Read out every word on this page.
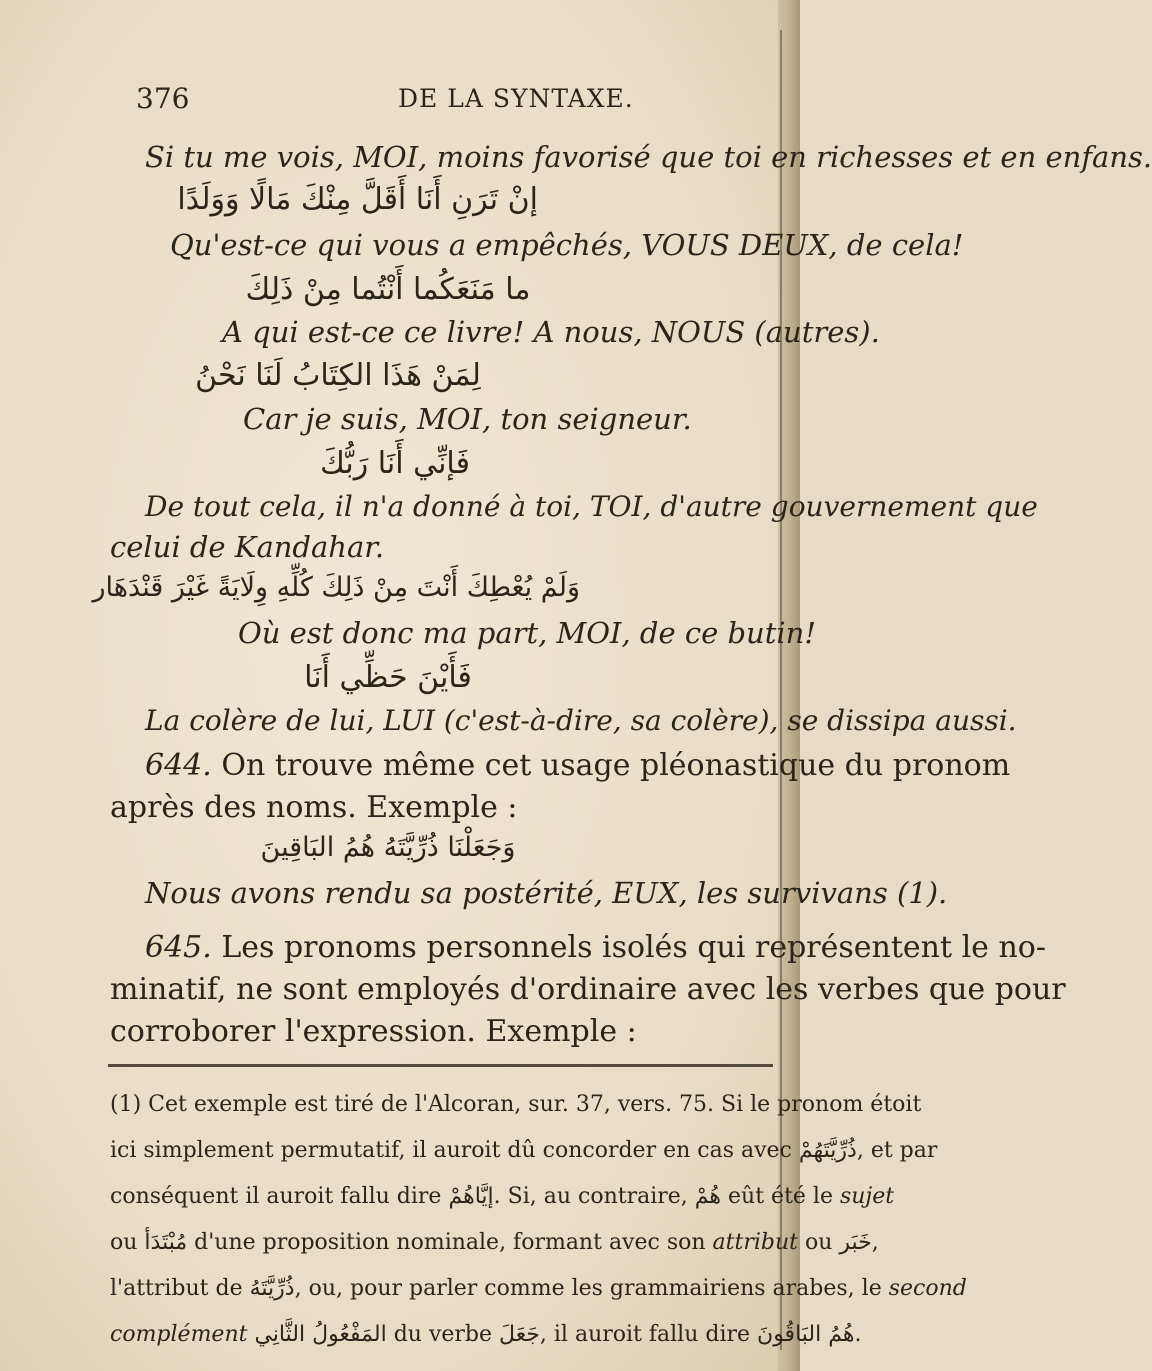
376	DE LA SYNTAXE.
Si tu me vois, MOI, moins favorisé que toi en richesses et en enfans.
إنْ تَرَنِ أَنَا أَقَلَّ مِنْكَ مَالًا وَوَلَدًا
Qu'est-ce qui vous a empêchés, VOUS DEUX, de cela!
ما مَنَعَكُما أَنْتُما مِنْ ذَلِكَ
A qui est-ce ce livre! A nous, NOUS (autres).
لِمَنْ هَذَا الكِتَابُ لَنَا نَحْنُ
Car je suis, MOI, ton seigneur.
فَإنِّي أَنَا رَبُّكَ
De tout cela, il n'a donné à toi, TOI, d'autre gouvernement que
celui de Kandahar.
وَلَمْ يُعْطِكَ أَنْتَ مِنْ ذَلِكَ كُلِّهِ وِلَايَةً غَيْرَ قَنْدَهَار
Où est donc ma part, MOI, de ce butin!
فَأَيْنَ حَظِّي أَنَا
La colère de lui, LUI (c'est-à-dire, sa colère), se dissipa aussi.
644. On trouve même cet usage pléonastique du pronom
après des noms. Exemple :
وَجَعَلْنَا ذُرِّيَّتَهُ هُمُ البَاقِينَ
Nous avons rendu sa postérité, EUX, les survivans (1).
645. Les pronoms personnels isolés qui représentent le no-
minatif, ne sont employés d'ordinaire avec les verbes que pour
corroborer l'expression. Exemple :
(1) Cet exemple est tiré de l'Alcoran, sur. 37, vers. 75. Si le pronom étoit
ici simplement permutatif, il auroit dû concorder en cas avec ذُرِّيَّتَهُمْ, et par
conséquent il auroit fallu dire إيَّاهُمْ. Si, au contraire, هُمْ eût été le sujet
ou مُبْتَدَأ d'une proposition nominale, formant avec son attribut ou خَبَر,
l'attribut de ذُرِّيَّتَهُ, ou, pour parler comme les grammairiens arabes, le second
complément المَفْعُولُ الثَّانِي du verbe جَعَلَ, il auroit fallu dire هُمُ البَاقُونَ.
